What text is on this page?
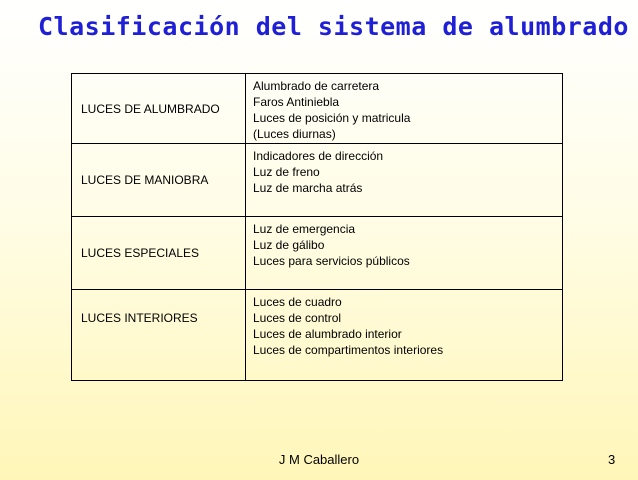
Clasificación del sistema de alumbrado
LUCES DE ALUMBRADO
Alumbrado de carretera
Faros Antiniebla
Luces de posición y matricula
(Luces diurnas)
LUCES DE MANIOBRA
Indicadores de dirección
Luz de freno
Luz de marcha atrás
LUCES ESPECIALES
Luz de emergencia
Luz de gálibo
Luces para servicios públicos
LUCES INTERIORES
Luces de cuadro
Luces de control
Luces de alumbrado interior
Luces de compartimentos interiores
J M Caballero	3
